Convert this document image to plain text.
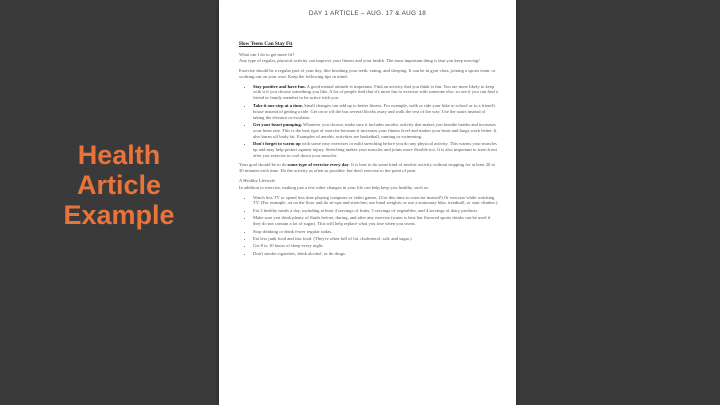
Health
Article
Example
DAY 1 ARTICLE – AUG. 17 & AUG 18
How Teens Can Stay Fit
What can I do to get more fit?

Any type of regular, physical activity can improve your fitness and your health. The most important thing is that you keep moving!

Exercise should be a regular part of your day, like brushing your teeth, eating, and sleeping. It can be in gym class, joining a sports team, or working out on your own. Keep the following tips in mind:

• Stay positive and have fun. A good mental attitude is important. Find an activity that you think is fun. You are more likely to keep with it if you choose something you like. A lot of people find that it's more fun to exercise with someone else, so see if you can find a friend or family member to be active with you.
• Take it one step at a time. Small changes can add up to better fitness. For example, walk or ride your bike to school or to a friend's house instead of getting a ride. Get on or off the bus several blocks away and walk the rest of the way. Use the stairs instead of taking the elevator or escalator.
• Get your heart pumping. Whatever you choose, make sure it includes aerobic activity that makes you breathe harder and increases your heart rate. This is the best type of exercise because it increases your fitness level and makes your heart and lungs work better. It also burns off body fat. Examples of aerobic activities are basketball, running or swimming.
• Don't forget to warm up with some easy exercises or mild stretching before you do any physical activity. This warms your muscles up and may help protect against injury. Stretching makes your muscles and joints more flexible too. It is also important to stretch out after you exercise to cool down your muscles.

Your goal should be to do some type of exercise every day. It is best to do some kind of aerobic activity without stopping for at least 20 to 30 minutes each time. Do the activity as often as possible, but don't exercise to the point of pain.

A Healthy Lifestyle

In addition to exercise, making just a few other changes in your life can help keep you healthy, such as:

• Watch less TV or spend less time playing computer or video games. (Use this time to exercise instead!) Or exercise while watching TV. (For example, sit on the floor and do sit-ups and stretches; use hand weights; or use a stationary bike, treadmill, or stair climber.)
• Eat 3 healthy meals a day, including at least 4 servings of fruits, 5 servings of vegetables, and 4 servings of dairy products.
• Make sure you drink plenty of fluids before, during, and after any exercise (water is best but flavored sports drinks can be used if they do not contain a lot of sugar). This will help replace what you lose when you sweat.
• Stop drinking or drink fewer regular sodas.
• Eat less junk food and fast food. (They're often full of fat, cholesterol, salt, and sugar.)
• Get 8 to 10 hours of sleep every night.
• Don't smoke cigarettes, drink alcohol, or do drugs.
